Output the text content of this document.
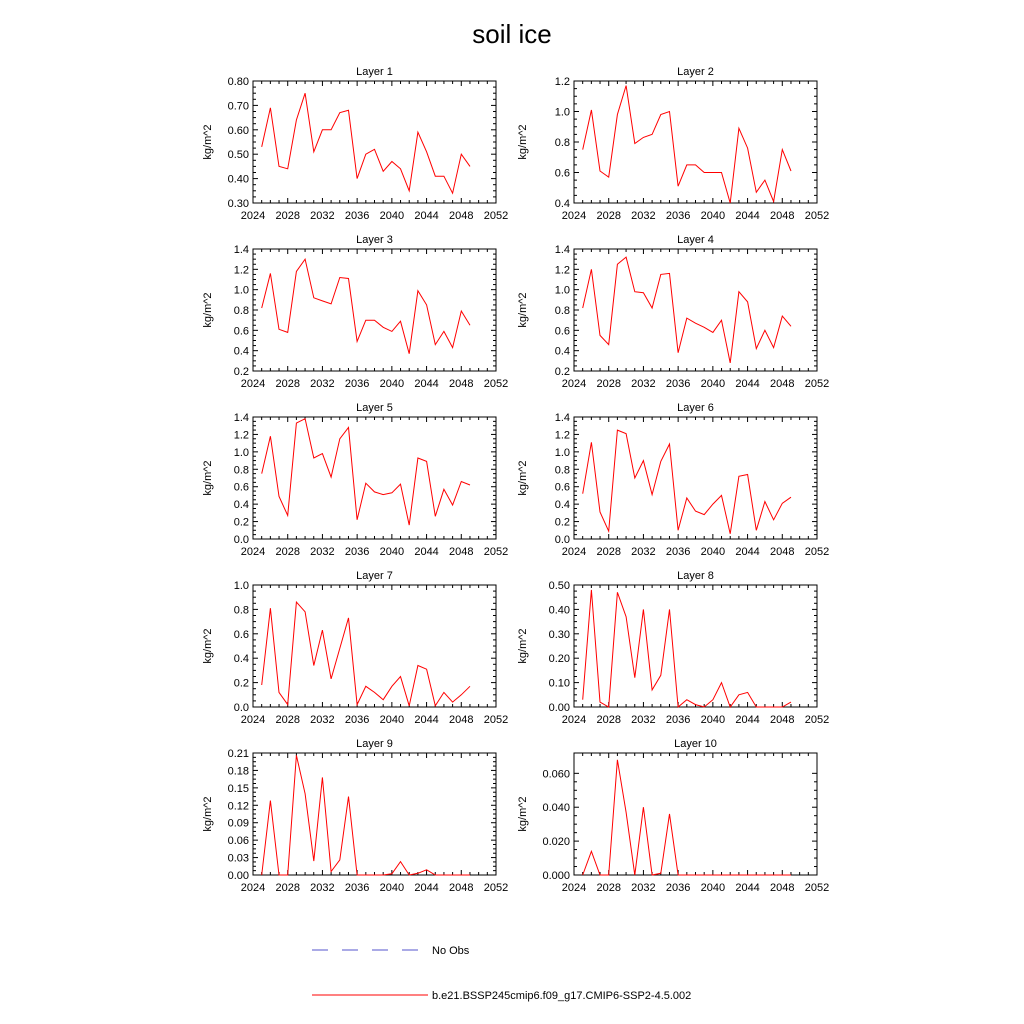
soil ice
Layer 1
2024 2028 2032 2036 2040 2044 2048 2052
0.30
0.40
0.50
0.60
0.70
0.80
kg/m^2
Layer 2
2024 2028 2032 2036 2040 2044 2048 2052
0.4
0.6
0.8
1.0
1.2
kg/m^2
Layer 3
2024 2028 2032 2036 2040 2044 2048 2052
0.2
0.4
0.6
0.8
1.0
1.2
1.4
kg/m^2
Layer 4
2024 2028 2032 2036 2040 2044 2048 2052
0.2
0.4
0.6
0.8
1.0
1.2
1.4
kg/m^2
Layer 5
2024 2028 2032 2036 2040 2044 2048 2052
0.0
0.2
0.4
0.6
0.8
1.0
1.2
1.4
kg/m^2
Layer 6
2024 2028 2032 2036 2040 2044 2048 2052
0.0
0.2
0.4
0.6
0.8
1.0
1.2
1.4
kg/m^2
Layer 7
2024 2028 2032 2036 2040 2044 2048 2052
0.0
0.2
0.4
0.6
0.8
1.0
kg/m^2
Layer 8
2024 2028 2032 2036 2040 2044 2048 2052
0.00
0.10
0.20
0.30
0.40
0.50
kg/m^2
Layer 9
2024 2028 2032 2036 2040 2044 2048 2052
0.00
0.03
0.06
0.09
0.12
0.15
0.18
0.21
kg/m^2
Layer 10
2024 2028 2032 2036 2040 2044 2048 2052
0.000
0.020
0.040
0.060
kg/m^2
No Obs
b.e21.BSSP245cmip6.f09_g17.CMIP6-SSP2-4.5.002
